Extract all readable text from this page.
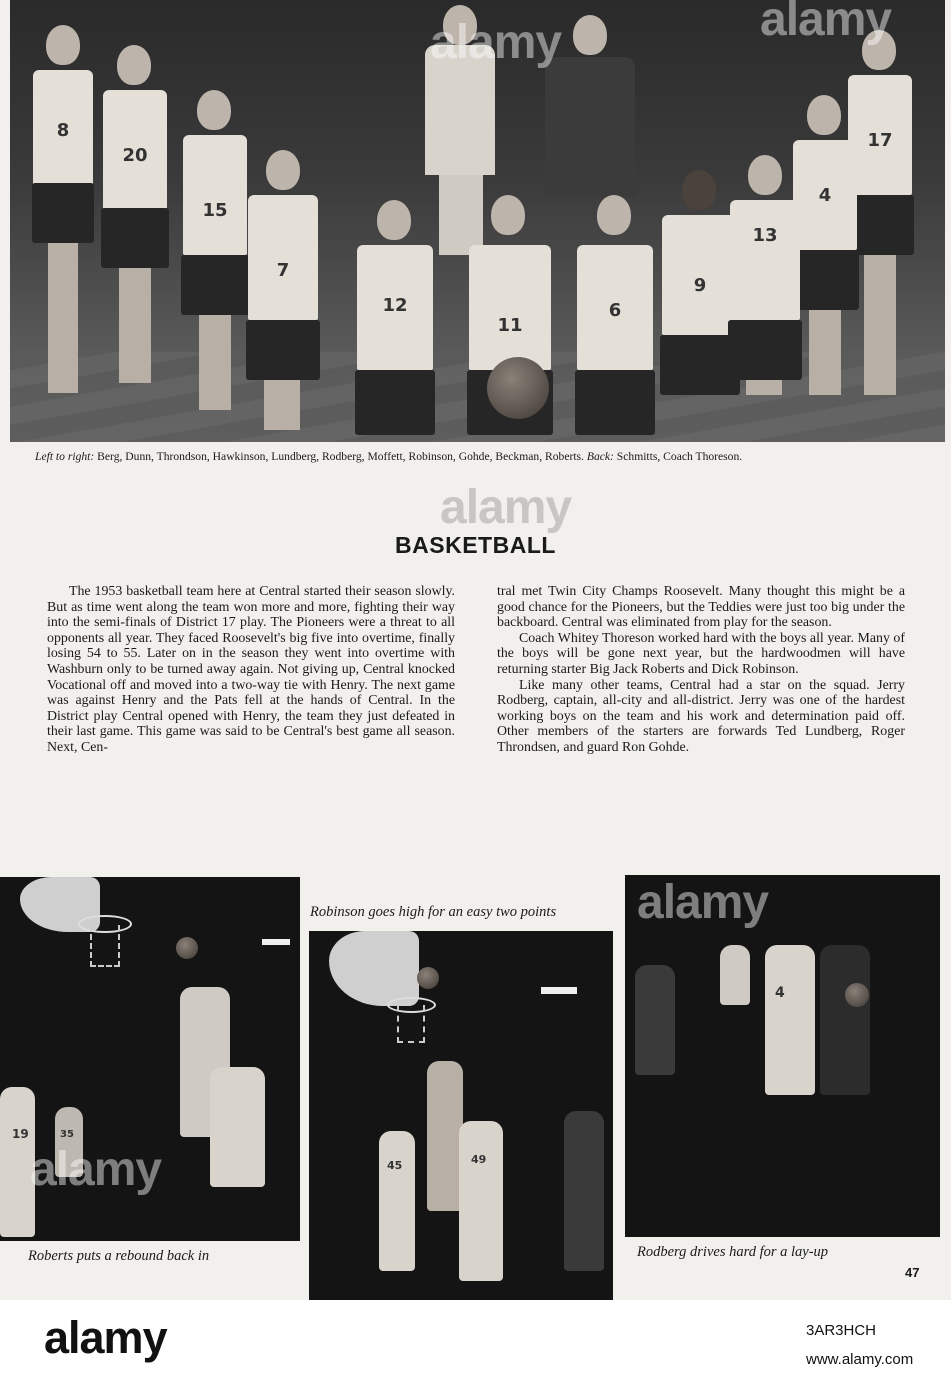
8
20
15
17
4
7
12
11
6
9
13
Left to right: Berg, Dunn, Throndson, Hawkinson, Lundberg, Rodberg, Moffett, Robinson, Gohde, Beckman, Roberts. Back: Schmitts, Coach Thoreson.
BASKETBALL

The 1953 basketball team here at Central started their season slowly. But as time went along the team won more and more, fighting their way into the semi-finals of District 17 play. The Pioneers were a threat to all opponents all year. They faced Roosevelt's big five into overtime, finally losing 54 to 55. Later on in the season they went into overtime with Washburn only to be turned away again. Not giving up, Central knocked Vocational off and moved into a two-way tie with Henry. The next game was against Henry and the Pats fell at the hands of Central. In the District play Central opened with Henry, the team they just defeated in their last game. This game was said to be Central's best game all season. Next, Cen-

tral met Twin City Champs Roosevelt. Many thought this might be a good chance for the Pioneers, but the Teddies were just too big under the backboard. Central was eliminated from play for the season.

Coach Whitey Thoreson worked hard with the boys all year. Many of the boys will be gone next year, but the hardwoodmen will have returning starter Big Jack Roberts and Dick Robinson.

Like many other teams, Central had a star on the squad. Jerry Rodberg, captain, all-city and all-district. Jerry was one of the hardest working boys on the team and his work and determination paid off. Other members of the starters are forwards Ted Lundberg, Roger Throndsen, and guard Ron Gohde.

19	35
alamy	45	49
4
alamy
Roberts puts a rebound back in
Robinson goes high for an easy two points
Rodberg drives hard for a lay-up
47
alamy
alamy
alamy
alamy	3AR3HCH
www.alamy.com
